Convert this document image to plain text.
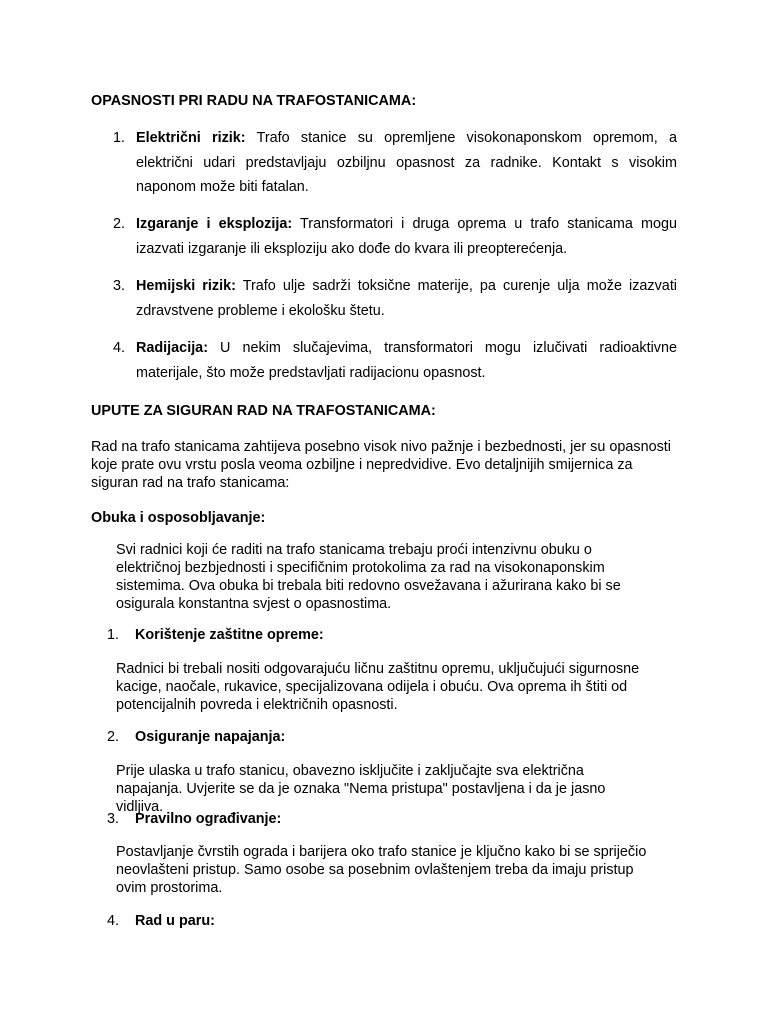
OPASNOSTI PRI RADU NA TRAFOSTANICAMA:
1. Električni rizik: Trafo stanice su opremljene visokonaponskom opremom, a električni udari predstavljaju ozbiljnu opasnost za radnike. Kontakt s visokim naponom može biti fatalan.
2. Izgaranje i eksplozija: Transformatori i druga oprema u trafo stanicama mogu izazvati izgaranje ili eksploziju ako dođe do kvara ili preopterećenja.
3. Hemijski rizik: Trafo ulje sadrži toksične materije, pa curenje ulja može izazvati zdravstvene probleme i ekološku štetu.
4. Radijacija: U nekim slučajevima, transformatori mogu izlučivati radioaktivne materijale, što može predstavljati radijacionu opasnost.
UPUTE ZA SIGURAN RAD NA TRAFOSTANICAMA:

Rad na trafo stanicama zahtijeva posebno visok nivo pažnje i bezbednosti, jer su opasnosti koje prate ovu vrstu posla veoma ozbiljne i nepredvidive. Evo detaljnijih smijernica za siguran rad na trafo stanicama:

Obuka i osposobljavanje:

Svi radnici koji će raditi na trafo stanicama trebaju proći intenzivnu obuku o električnoj bezbjednosti i specifičnim protokolima za rad na visokonaponskim sistemima. Ova obuka bi trebala biti redovno osvežavana i ažurirana kako bi se osigurala konstantna svjest o opasnostima.

1. Korištenje zaštitne opreme:

Radnici bi trebali nositi odgovarajuću ličnu zaštitnu opremu, uključujući sigurnosne kacige, naočale, rukavice, specijalizovana odijela i obuću. Ova oprema ih štiti od potencijalnih povreda i električnih opasnosti.

2. Osiguranje napajanja:

Prije ulaska u trafo stanicu, obavezno isključite i zaključajte sva električna napajanja. Uvjerite se da je oznaka "Nema pristupa" postavljena i da je jasno vidljiva.

3. Pravilno ograđivanje:

Postavljanje čvrstih ograda i barijera oko trafo stanice je ključno kako bi se spriječio neovlašteni pristup. Samo osobe sa posebnim ovlaštenjem treba da imaju pristup ovim prostorima.

4. Rad u paru:
